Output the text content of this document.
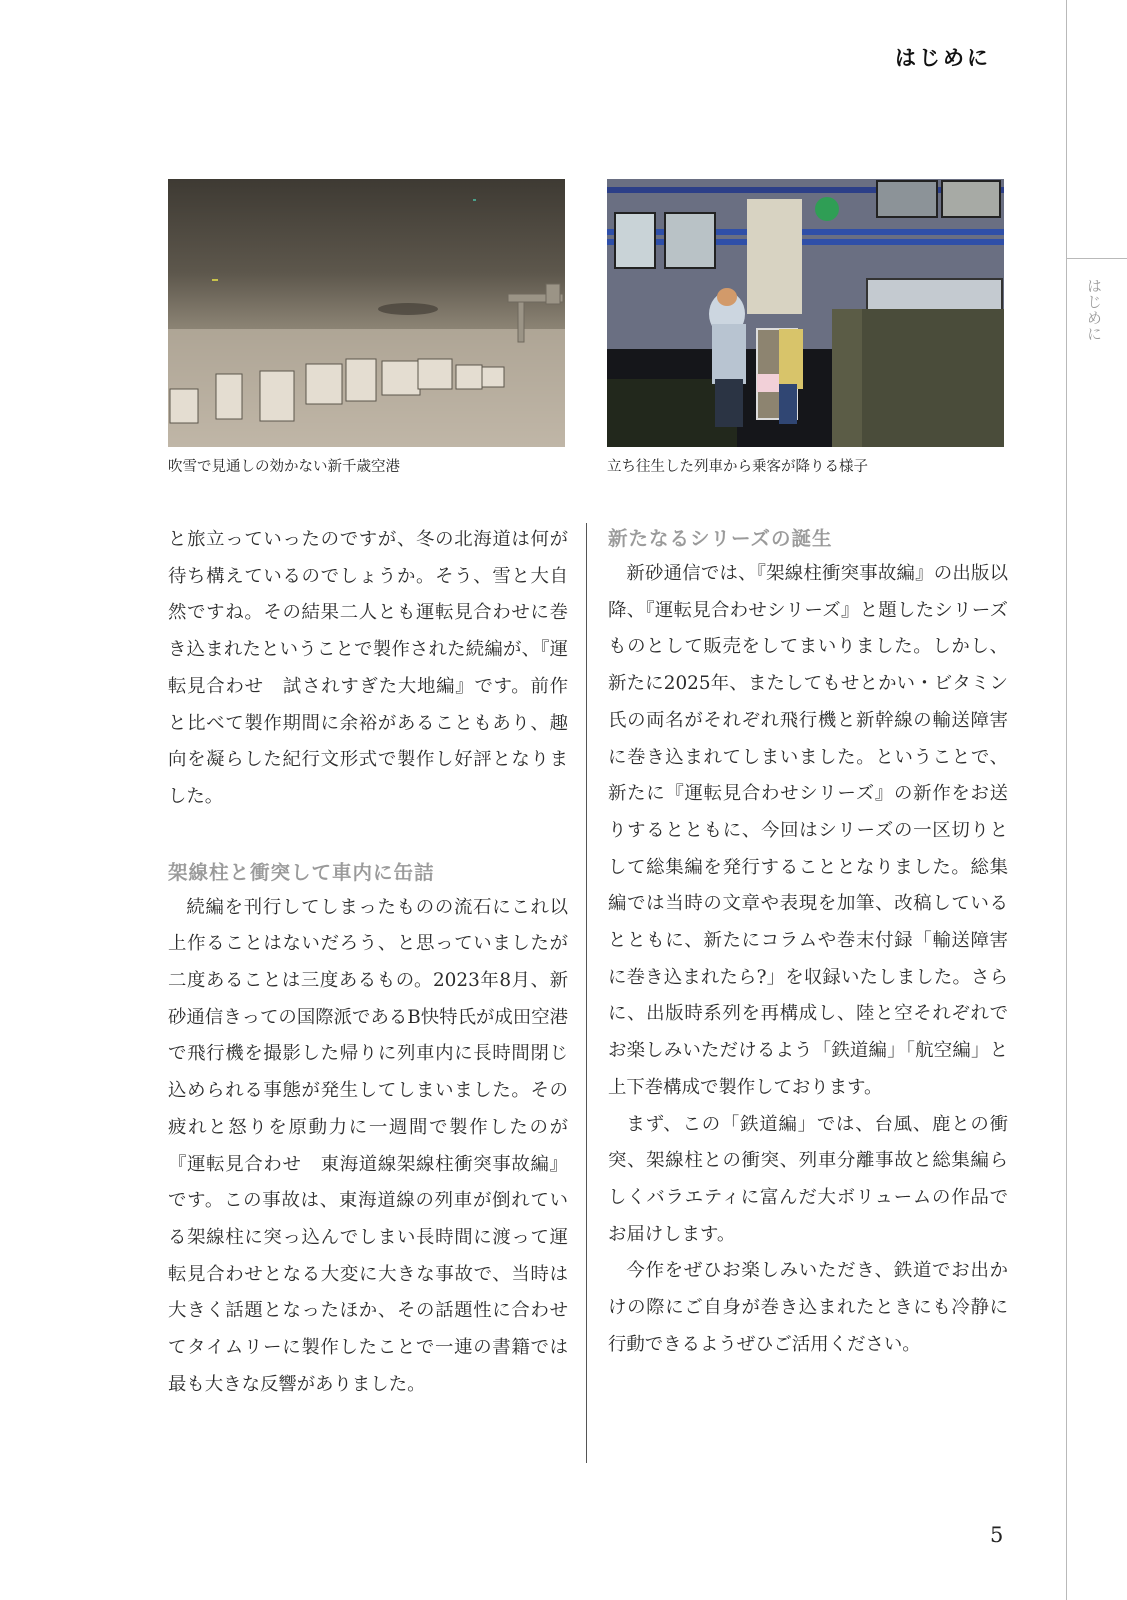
はじめに
はじめに
吹雪で見通しの効かない新千歳空港	立ち往生した列車から乗客が降りる様子

と旅立っていったのですが、冬の北海道は何が待ち構えているのでしょうか。そう、雪と大自然ですね。その結果二人とも運転見合わせに巻き込まれたということで製作された続編が、『運転見合わせ　試されすぎた大地編』です。前作と比べて製作期間に余裕があることもあり、趣向を凝らした紀行文形式で製作し好評となりました。

架線柱と衝突して車内に缶詰

続編を刊行してしまったものの流石にこれ以上作ることはないだろう、と思っていましたが二度あることは三度あるもの。2023年8月、新砂通信きっての国際派であるB快特氏が成田空港で飛行機を撮影した帰りに列車内に長時間閉じ込められる事態が発生してしまいました。その疲れと怒りを原動力に一週間で製作したのが『運転見合わせ　東海道線架線柱衝突事故編』です。この事故は、東海道線の列車が倒れている架線柱に突っ込んでしまい長時間に渡って運転見合わせとなる大変に大きな事故で、当時は大きく話題となったほか、その話題性に合わせてタイムリーに製作したことで一連の書籍では最も大きな反響がありました。

新たなるシリーズの誕生

新砂通信では、『架線柱衝突事故編』の出版以降、『運転見合わせシリーズ』と題したシリーズものとして販売をしてまいりました。しかし、新たに2025年、またしてもせとかい・ビタミン氏の両名がそれぞれ飛行機と新幹線の輸送障害に巻き込まれてしまいました。ということで、新たに『運転見合わせシリーズ』の新作をお送りするとともに、今回はシリーズの一区切りとして総集編を発行することとなりました。総集編では当時の文章や表現を加筆、改稿しているとともに、新たにコラムや巻末付録「輸送障害に巻き込まれたら?」を収録いたしました。さらに、出版時系列を再構成し、陸と空それぞれでお楽しみいただけるよう「鉄道編」「航空編」と上下巻構成で製作しております。

まず、この「鉄道編」では、台風、鹿との衝突、架線柱との衝突、列車分離事故と総集編らしくバラエティに富んだ大ボリュームの作品でお届けします。

今作をぜひお楽しみいただき、鉄道でお出かけの際にご自身が巻き込まれたときにも冷静に行動できるようぜひご活用ください。

5
